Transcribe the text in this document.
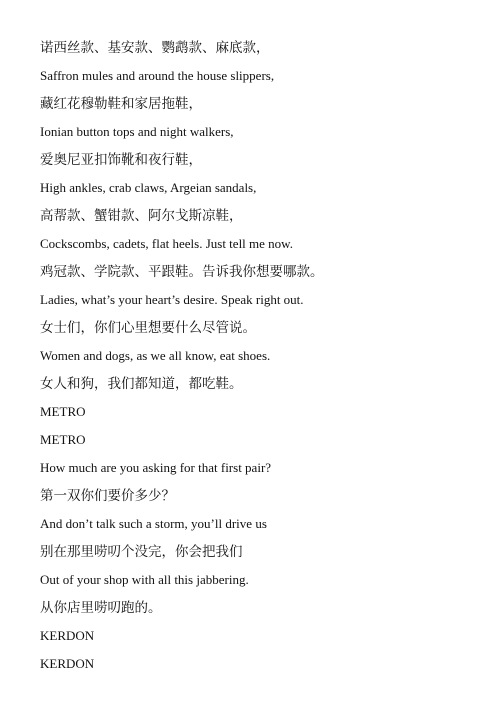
诺西丝款、基安款、鹦鹉款、麻底款，

Saffron mules and around the house slippers,

藏红花穆勒鞋和家居拖鞋，

Ionian button tops and night walkers,

爱奥尼亚扣饰靴和夜行鞋，

High ankles, crab claws, Argeian sandals,

高帮款、蟹钳款、阿尔戈斯凉鞋，

Cockscombs, cadets, flat heels. Just tell me now.

鸡冠款、学院款、平跟鞋。告诉我你想要哪款。

Ladies, what’s your heart’s desire. Speak right out.

女士们，你们心里想要什么尽管说。

Women and dogs, as we all know, eat shoes.

女人和狗，我们都知道，都吃鞋。

METRO

METRO

How much are you asking for that first pair?

第一双你们要价多少？

And don’t talk such a storm, you’ll drive us

别在那里唠叨个没完，你会把我们

Out of your shop with all this jabbering.

从你店里唠叨跑的。

KERDON

KERDON
